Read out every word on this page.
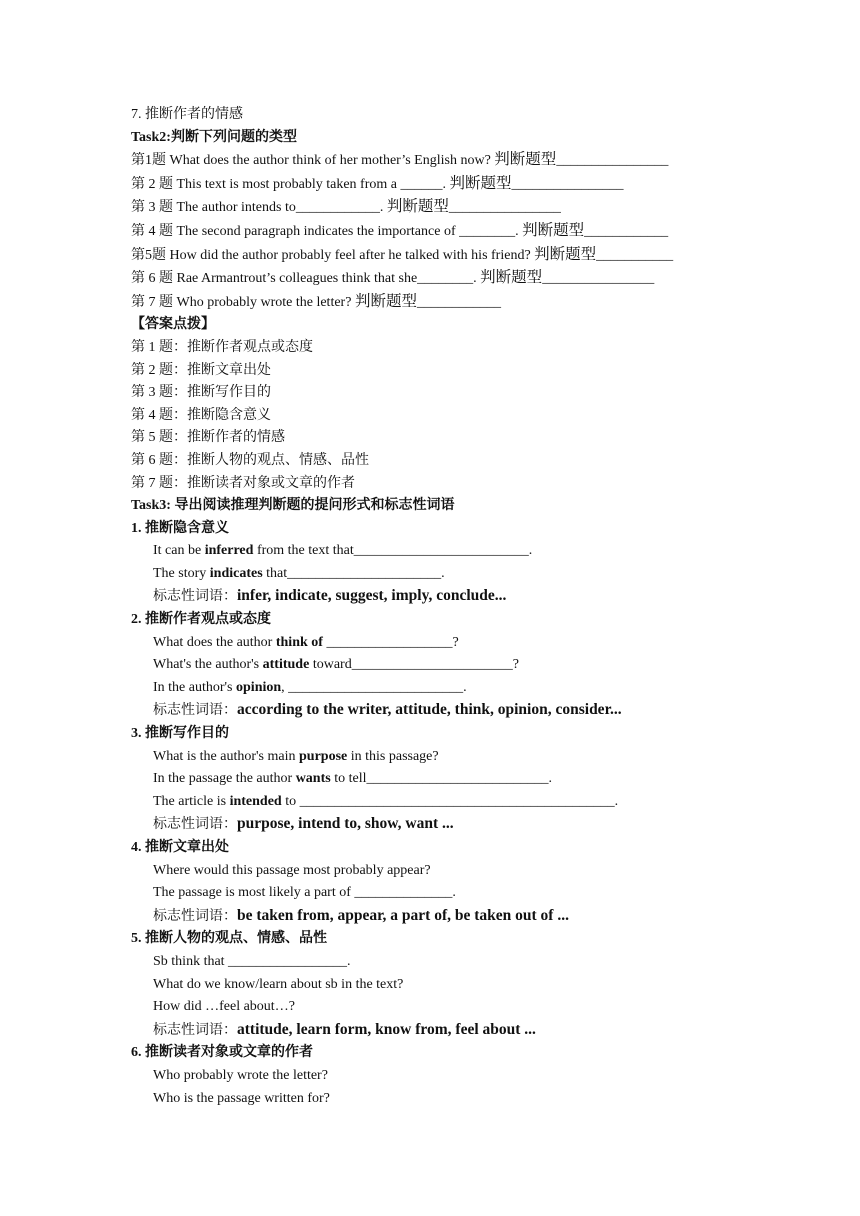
7. 推断作者的情感
Task2:判断下列问题的类型
第1题 What does the author think of her mother’s English now? 判断题型________________
第 2 题 This text is most probably taken from a ______. 判断题型________________
第 3 题 The author intends to____________. 判断题型________________
第 4 题 The second paragraph indicates the importance of ________. 判断题型____________
第5题 How did the author probably feel after he talked with his friend? 判断题型___________
第 6 题 Rae Armantrout’s colleagues think that she________. 判断题型________________
第 7 题 Who probably wrote the letter? 判断题型____________
【答案点拨】
第 1 题：推断作者观点或态度
第 2 题：推断文章出处
第 3 题：推断写作目的
第 4 题：推断隐含意义
第 5 题：推断作者的情感
第 6 题：推断人物的观点、情感、品性
第 7 题：推断读者对象或文章的作者
Task3: 导出阅读推理判断题的提问形式和标志性词语
1. 推断隐含意义
It can be inferred from the text that_________________________.
The story indicates that______________________.
标志性词语：infer, indicate, suggest, imply, conclude...
2. 推断作者观点或态度
What does the author think of __________________?
What's the author's attitude toward_______________________?
In the author's opinion, _________________________.
标志性词语：according to the writer, attitude, think, opinion, consider...
3. 推断写作目的
What is the author's main purpose in this passage?
In the passage the author wants to tell__________________________.
The article is intended to _____________________________________________.
标志性词语：purpose, intend to, show, want ...
4. 推断文章出处
Where would this passage most probably appear?
The passage is most likely a part of ______________.
标志性词语：be taken from, appear, a part of, be taken out of ...
5. 推断人物的观点、情感、品性
Sb think that _________________.
What do we know/learn about sb in the text?
How did …feel about…?
标志性词语：attitude, learn form, know from, feel about ...
6. 推断读者对象或文章的作者
Who probably wrote the letter?
Who is the passage written for?
